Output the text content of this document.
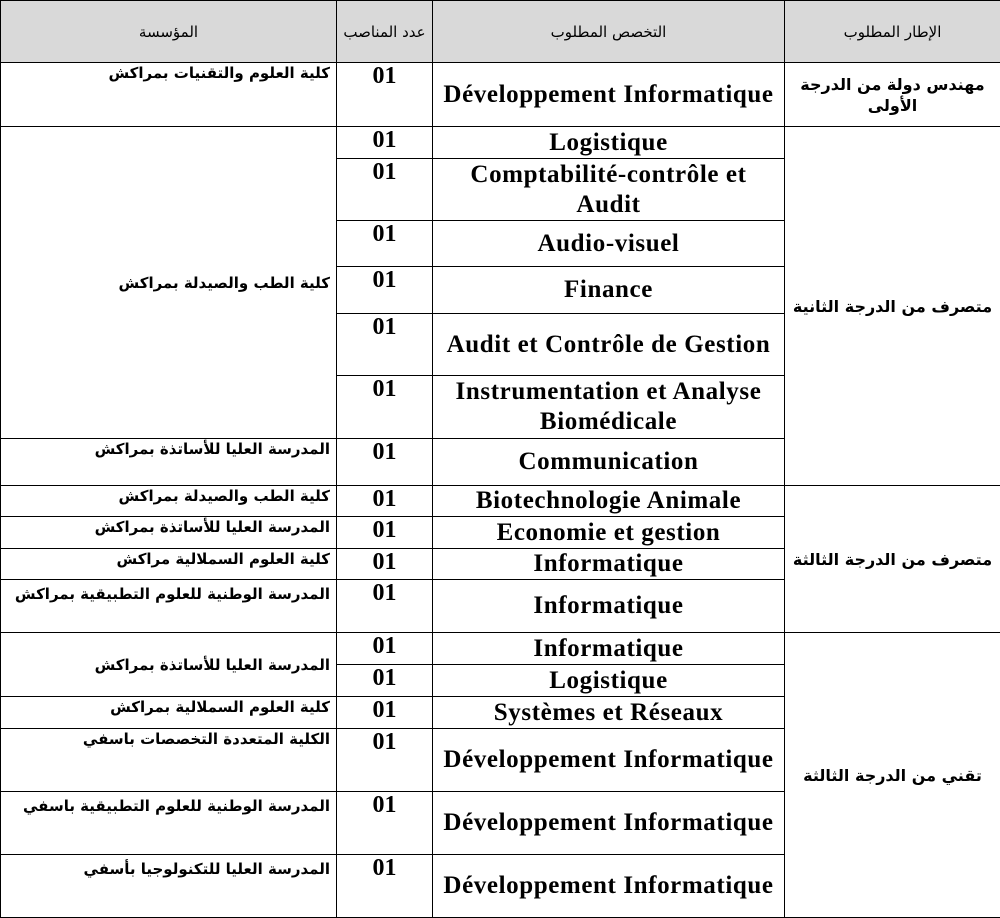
المؤسسة	عدد المناصب	التخصص المطلوب	الإطار المطلوب
كلية العلوم والتقنيات بمراكش	01	Développement Informatique	مهندس دولة من الدرجة الأولى
كلية الطب والصيدلة بمراكش	01	Logistique	متصرف من الدرجة الثانية
	01	Comptabilité-contrôle et Audit	
	01	Audio-visuel	
	01	Finance	
	01	Audit et Contrôle de Gestion	
	01	Instrumentation et Analyse Biomédicale	
المدرسة العليا للأساتذة بمراكش	01	Communication	
كلية الطب والصيدلة بمراكش	01	Biotechnologie Animale	متصرف من الدرجة الثالثة
المدرسة العليا للأساتذة بمراكش	01	Economie et gestion	
كلية العلوم السملالية مراكش	01	Informatique	
المدرسة الوطنية للعلوم التطبيقية بمراكش	01	Informatique	
المدرسة العليا للأساتذة بمراكش	01	Informatique	تقني من الدرجة الثالثة
	01	Logistique	
كلية العلوم السملالية بمراكش	01	Systèmes et Réseaux	
الكلية المتعددة التخصصات باسفي	01	Développement Informatique	
المدرسة الوطنية للعلوم التطبيقية باسفي	01	Développement Informatique	
المدرسة العليا للتكنولوجيا بأسفي	01	Développement Informatique	
